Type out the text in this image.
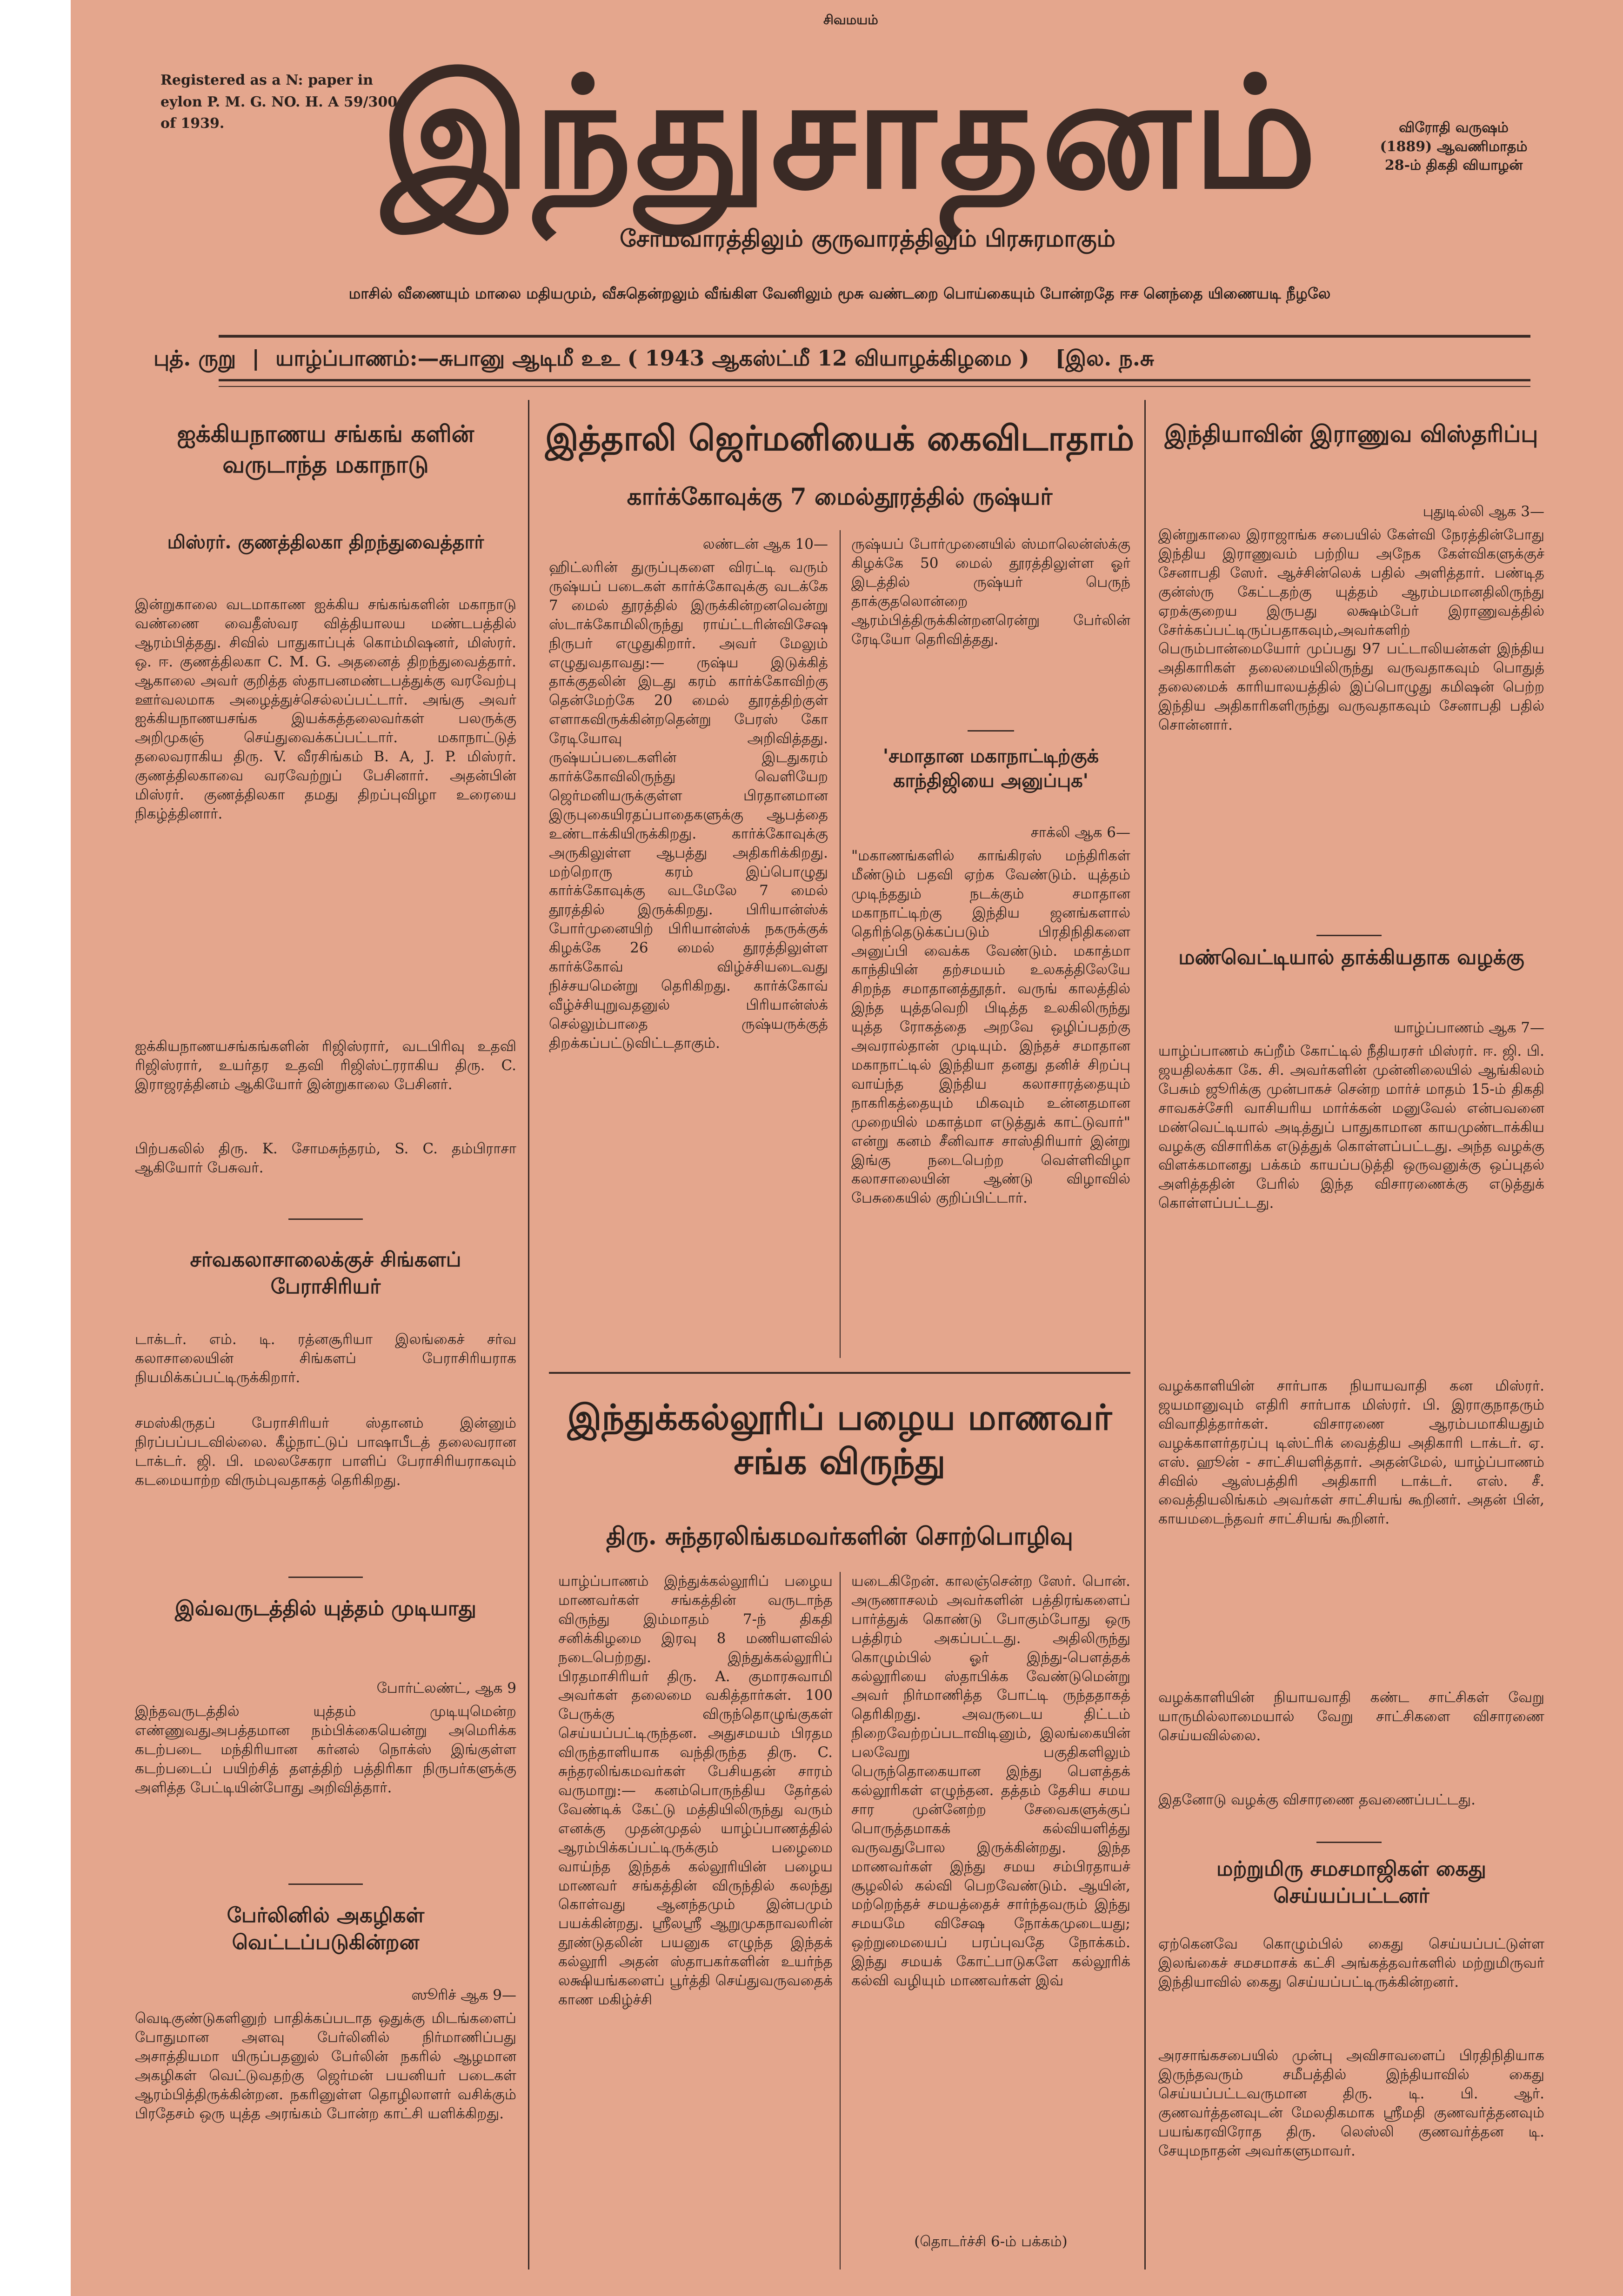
Registered as a N: paper in eylon P. M. G. NO. H. A 59/300 of 1939.
சிவமயம்
இந்துசாதனம்	விரோதி வருஷம் (1889) ஆவணிமாதம் 28-ம் திகதி வியாழன்
சோமவாரத்திலும் குருவாரத்திலும் பிரசுரமாகும்
மாசில் வீணையும் மாலை மதியமும், வீசுதென்றலும் வீங்கிள வேனிலும் மூசு வண்டறை பொய்கையும் போன்றதே ஈச னெந்தை யிணையடி நீழலே
புத். ருறு | யாழ்ப்பாணம்:—சுபானு ஆடிமீ உஉ ( 1943 ஆகஸ்ட்மீ 12 வியாழக்கிழமை ) [இல. ந.சு
ஐக்கியநாணய சங்கங் களின் வருடாந்த மகாநாடு
மிஸ்ரர். குணத்திலகா திறந்துவைத்தார்
இன்றுகாலை வடமாகாண ஐக்கிய சங்கங்களின் மகாநாடு வண்ணை வைதீஸ்வர வித்தியாலய மண்டபத்தில் ஆரம்பித்தது. சிவில் பாதுகாப்புக் கொம்மிஷனர், மிஸ்ரர். ஒ. ஈ. குணத்திலகா C. M. G. அதனைத் திறந்துவைத்தார். ஆகாலை அவர் குறித்த ஸ்தாபனமண்டபத்துக்கு வரவேற்பு ஊர்வலமாக அழைத்துச்செல்லப்பட்டார். அங்கு அவர் ஐக்கியநாணயசங்க இயக்கத்தலைவர்கள் பலருக்கு அறிமுகஞ் செய்துவைக்கப்பட்டார். மகாநாட்டுத் தலைவராகிய திரு. V. வீரசிங்கம் B. A, J. P. மிஸ்ரர். குணத்திலகாவை வரவேற்றுப் பேசினார். அதன்பின் மிஸ்ரர். குணத்திலகா தமது திறப்புவிழா உரையை நிகழ்த்தினார்.
ஐக்கியநாணயசங்கங்களின் ரிஜிஸ்ரார், வடபிரிவு உதவி ரிஜிஸ்ரார், உயர்தர உதவி ரிஜிஸ்ட்ரராகிய திரு. C. இராஜரத்தினம் ஆகியோர் இன்றுகாலை பேசினர்.
பிற்பகலில் திரு. K. சோமசுந்தரம், S. C. தம்பிராசா ஆகியோர் பேசுவர்.
சர்வகலாசாலைக்குச் சிங்களப் பேராசிரியர்
டாக்டர். எம். டி. ரத்னசூரியா இலங்கைச் சர்வ கலாசாலையின் சிங்களப் பேராசிரியராக நியமிக்கப்பட்டிருக்கிறார்.
சமஸ்கிருதப் பேராசிரியர் ஸ்தானம் இன்னும் நிரப்பப்படவில்லை. கீழ்நாட்டுப் பாஷாபீடத் தலைவரான டாக்டர். ஜி. பி. மலலசேகரா பாளிப் பேராசிரியராகவும் கடமையாற்ற விரும்புவதாகத் தெரிகிறது.
இவ்வருடத்தில் யுத்தம் முடியாது
போர்ட்லண்ட், ஆக 9
இந்தவருடத்தில் யுத்தம் முடியுமென்ற எண்ணுவதுஅபத்தமான நம்பிக்கையென்று அமெரிக்க கடற்படை மந்திரியான கர்னல் நொக்ஸ் இங்குள்ள கடற்படைப் பயிற்சித் தளத்திற் பத்திரிகா நிருபர்களுக்கு அளித்த பேட்டியின்போது அறிவித்தார்.
பேர்லினில் அகழிகள் வெட்டப்படுகின்றன
ஸூரிச் ஆக 9—
வெடிகுண்டுகளினுற் பாதிக்கப்படாத ஒதுக்கு மிடங்களைப் போதுமான அளவு பேர்லினில் நிர்மாணிப்பது அசாத்தியமா யிருப்பதனுல் பேர்லின் நகரில் ஆழமான அகழிகள் வெட்டுவதற்கு ஜெர்மன் பயனியர் படைகள் ஆரம்பித்திருக்கின்றன. நகரினுள்ள தொழிலாளர் வசிக்கும் பிரதேசம் ஒரு யுத்த அரங்கம் போன்ற காட்சி யளிக்கிறது.
இத்தாலி ஜெர்மனியைக் கைவிடாதாம்
கார்க்கோவுக்கு 7 மைல்தூரத்தில் ருஷ்யர்
லண்டன் ஆக 10—
ஹிட்லரின் துருப்புகளை விரட்டி வரும் ருஷ்யப் படைகள் கார்க்கோவுக்கு வடக்கே 7 மைல் தூரத்தில் இருக்கின்றனவென்று ஸ்டாக்கோமிலிருந்து ராய்ட்டரின்விசேஷ நிருபர் எழுதுகிறார். அவர் மேலும் எழுதுவதாவது:— ருஷ்ய இடுக்கித் தாக்குதலின் இடது கரம் கார்க்கோவிற்கு தென்மேற்கே 20 மைல் தூரத்திற்குள் எளாகவிருக்கின்றதென்று பேரஸ் கோ ரேடியோவு அறிவித்தது. ருஷ்யப்படைகளின் இடதுகரம் கார்க்கோவிலிருந்து வெளியேற ஜெர்மனியருக்குள்ள பிரதானமான இருபுகையிரதப்பாதைகளுக்கு ஆபத்தை உண்டாக்கியிருக்கிறது. கார்க்கோவுக்கு அருகிலுள்ள ஆபத்து அதிகரிக்கிறது. மற்றொரு கரம் இப்பொழுது கார்க்கோவுக்கு வடமேலே 7 மைல் தூரத்தில் இருக்கிறது. பிரியான்ஸ்க் போர்முனையிற் பிரியான்ஸ்க் நகருக்குக் கிழக்கே 26 மைல் தூரத்திலுள்ள கார்க்கோவ் விழ்ச்சியடைவது நிச்சயமென்று தெரிகிறது. கார்க்கோவ் வீழ்ச்சியுறுவதனுல் பிரியான்ஸ்க் செல்லும்பாதை ருஷ்யருக்குத் திறக்கப்பட்டுவிட்டதாகும்.
ருஷ்யப் போர்முனையில் ஸ்மாலென்ஸ்க்கு கிழக்கே 50 மைல் தூரத்திலுள்ள ஓர் இடத்தில் ருஷ்யர் பெருந் தாக்குதலொன்றை ஆரம்பித்திருக்கின்றனரென்று பேர்லின் ரேடியோ தெரிவித்தது.
'சமாதான மகாநாட்டிற்குக் காந்திஜியை அனுப்புக'
சாக்லி ஆக 6—
"மகாணங்களில் காங்கிரஸ் மந்திரிகள் மீண்டும் பதவி ஏற்க வேண்டும். யுத்தம் முடிந்ததும் நடக்கும் சமாதான மகாநாட்டிற்கு இந்திய ஜனங்களால் தெரிந்தெடுக்கப்படும் பிரதிநிதிகளை அனுப்பி வைக்க வேண்டும். மகாத்மா காந்தியின் தற்சமயம் உலகத்திலேயே சிறந்த சமாதானத்தூதர். வருங் காலத்தில் இந்த யுத்தவெறி பிடித்த உலகிலிருந்து யுத்த ரோகத்தை அறவே ஒழிப்பதற்கு அவரால்தான் முடியும். இந்தச் சமாதான மகாநாட்டில் இந்தியா தனது தனிச் சிறப்பு வாய்ந்த இந்திய கலாசாரத்தையும் நாகரிகத்தையும் மிகவும் உன்னதமான முறையில் மகாத்மா எடுத்துக் காட்டுவார்" என்று கனம் சீனிவாச சாஸ்திரியார் இன்று இங்கு நடைபெற்ற வெள்ளிவிழா கலாசாலையின் ஆண்டு விழாவில் பேசுகையில் குறிப்பிட்டார்.
இந்துக்கல்லூரிப் பழைய மாணவர் சங்க விருந்து
திரு. சுந்தரலிங்கமவர்களின் சொற்பொழிவு
யாழ்ப்பாணம் இந்துக்கல்லூரிப் பழைய மாணவர்கள் சங்கத்தின் வருடாந்த விருந்து இம்மாதம் 7-ந் திகதி சனிக்கிழமை இரவு 8 மணியளவில் நடைபெற்றது. இந்துக்கல்லூரிப் பிரதமாசிரியர் திரு. A. குமாரசுவாமி அவர்கள் தலைமை வகித்தார்கள். 100 பேருக்கு விருந்தொழுங்குகள் செய்யப்பட்டிருந்தன. அதுசமயம் பிரதம விருந்தாளியாக வந்திருந்த திரு. C. சுந்தரலிங்கமவர்கள் பேசியதன் சாரம் வருமாறு:— கனம்பொருந்திய தேர்தல் வேண்டிக் கேட்டு மத்தியிலிருந்து வரும் எனக்கு முதன்முதல் யாழ்ப்பாணத்தில் ஆரம்பிக்கப்பட்டிருக்கும் பழைமை வாய்ந்த இந்தக் கல்லூரியின் பழைய மாணவர் சங்கத்தின் விருந்தில் கலந்து கொள்வது ஆனந்தமும் இன்பமும் பயக்கின்றது. ஸ்ரீலஸ்ரீ ஆறுமுகநாவலரின் தூண்டுதலின் பயனுக எழுந்த இந்தக் கல்லூரி அதன் ஸ்தாபகர்களின் உயர்ந்த லக்ஷியங்களைப் பூர்த்தி செய்துவருவதைக் காண மகிழ்ச்சி
யடைகிறேன். காலஞ்சென்ற ஸேர். பொன். அருணாசலம் அவர்களின் பத்திரங்களைப் பார்த்துக் கொண்டு போகும்போது ஒரு பத்திரம் அகப்பட்டது. அதிலிருந்து கொழும்பில் ஓர் இந்து-பௌத்தக் கல்லூரியை ஸ்தாபிக்க வேண்டுமென்று அவர் நிர்மாணித்த போட்டி ருந்ததாகத் தெரிகிறது. அவருடைய திட்டம் நிறைவேற்றப்படாவிடினும், இலங்கையின் பலவேறு பகுதிகளிலும் பெருந்தொகையான இந்து பௌத்தக் கல்லூரிகள் எழுந்தன. தத்தம் தேசிய சமய சார முன்னேற்ற சேவைகளுக்குப் பொருத்தமாகக் கல்வியளித்து வருவதுபோல இருக்கின்றது. இந்த மாணவர்கள் இந்து சமய சம்பிரதாயச் சூழலில் கல்வி பெறவேண்டும். ஆயின், மற்றெந்தச் சமயத்தைச் சார்ந்தவரும் இந்து சமயமே விசேஷ நோக்கமுடையது; ஒற்றுமையைப் பரப்புவதே நோக்கம். இந்து சமயக் கோட்பாடுகளே கல்லூரிக் கல்வி வழியும் மாணவர்கள் இவ்
(தொடர்ச்சி 6-ம் பக்கம்)
இந்தியாவின் இராணுவ விஸ்தரிப்பு
புதுடில்லி ஆக 3—
இன்றுகாலை இராஜாங்க சபையில் கேள்வி நேரத்தின்போது இந்திய இராணுவம் பற்றிய அநேக கேள்விகளுக்குச் சேனாபதி ஸேர். ஆச்சின்லெக் பதில் அளித்தார். பண்டித குன்ஸ்ரு கேட்டதற்கு யுத்தம் ஆரம்பமானதிலிருந்து ஏறக்குறைய இருபது லக்ஷம்பேர் இராணுவத்தில் சேர்க்கப்பட்டிருப்பதாகவும்,அவர்களிற் பெரும்பான்மையோர் முப்பது 97 பட்டாலியன்கள் இந்திய அதிகாரிகள் தலைமையிலிருந்து வருவதாகவும் பொதுத் தலைமைக் காரியாலயத்தில் இப்பொழுது கமிஷன் பெற்ற இந்திய அதிகாரிகளிருந்து வருவதாகவும் சேனாபதி பதில் சொன்னார்.
மண்வெட்டியால் தாக்கியதாக வழக்கு
யாழ்ப்பாணம் ஆக 7—
யாழ்ப்பாணம் சுப்றீம் கோட்டில் நீதியரசர் மிஸ்ரர். ஈ. ஜி. பி. ஜயதிலக்கா கே. சி. அவர்களின் முன்னிலையில் ஆங்கிலம் பேசும் ஜூரிக்கு முன்பாகச் சென்ற மார்ச் மாதம் 15-ம் திகதி சாவகச்சேரி வாசியரிய மார்க்கன் மனுவேல் என்பவனை மண்வெட்டியால் அடித்துப் பாதுகாமான காயமுண்டாக்கிய வழக்கு விசாரிக்க எடுத்துக் கொள்ளப்பட்டது. அந்த வழக்கு விளக்கமானது பக்கம் காயப்படுத்தி ஒருவனுக்கு ஒப்புதல் அளித்ததின் பேரில் இந்த விசாரணைக்கு எடுத்துக் கொள்ளப்பட்டது.
வழக்காளியின் சார்பாக நியாயவாதி கன மிஸ்ரர். ஜயமானுவும் எதிரி சார்பாக மிஸ்ரர். பி. இராகுநாதரும் விவாதித்தார்கள். விசாரணை ஆரம்பமாகியதும் வழக்காளர்தரப்பு டிஸ்ட்ரிக் வைத்திய அதிகாரி டாக்டர். ஏ. எஸ். ஹூன் - சாட்சியளித்தார். அதன்மேல், யாழ்ப்பாணம் சிவில் ஆஸ்பத்திரி அதிகாரி டாக்டர். எஸ். சீ. வைத்தியலிங்கம் அவர்கள் சாட்சியங் கூறினர். அதன் பின், காயமடைந்தவர் சாட்சியங் கூறினர்.
வழக்காளியின் நியாயவாதி கண்ட சாட்சிகள் வேறு யாருமில்லாமையால் வேறு சாட்சிகளை விசாரணை செய்யவில்லை.
இதனோடு வழக்கு விசாரணை தவணைப்பட்டது.
மற்றுமிரு சமசமாஜிகள் கைது செய்யப்பட்டனர்
ஏற்கெனவே கொழும்பில் கைது செய்யப்பட்டுள்ள இலங்கைச் சமசமாசக் கட்சி அங்கத்தவர்களில் மற்றுமிருவர் இந்தியாவில் கைது செய்யப்பட்டிருக்கின்றனர்.
அரசாங்கசபையில் முன்பு அவிசாவளைப் பிரதிநிதியாக இருந்தவரும் சமீபத்தில் இந்தியாவில் கைது செய்யப்பட்டவருமான திரு. டி. பி. ஆர். குணவர்த்தனவுடன் மேலதிகமாக ஸ்ரீமதி குணவர்த்தனவும் பயங்கரவிரோத திரு. லெஸ்லி குணவர்த்தன டி. சேயுமநாதன் அவர்களுமாவர்.
